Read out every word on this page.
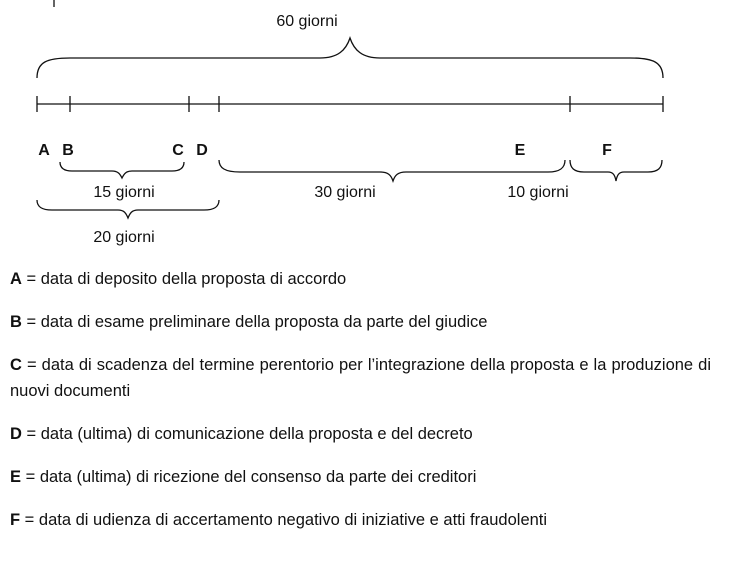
60 giorni
A B	C D	E	F
15 giorni	30 giorni	10 giorni
20 giorni
A = data di deposito della proposta di accordo
B = data di esame preliminare della proposta da parte del giudice
C = data di scadenza del termine perentorio per l’integrazione della proposta e la produzione di nuovi documenti
D = data (ultima) di comunicazione della proposta e del decreto
E = data (ultima) di ricezione del consenso da parte dei creditori
F = data di udienza di accertamento negativo di iniziative e atti fraudolenti
